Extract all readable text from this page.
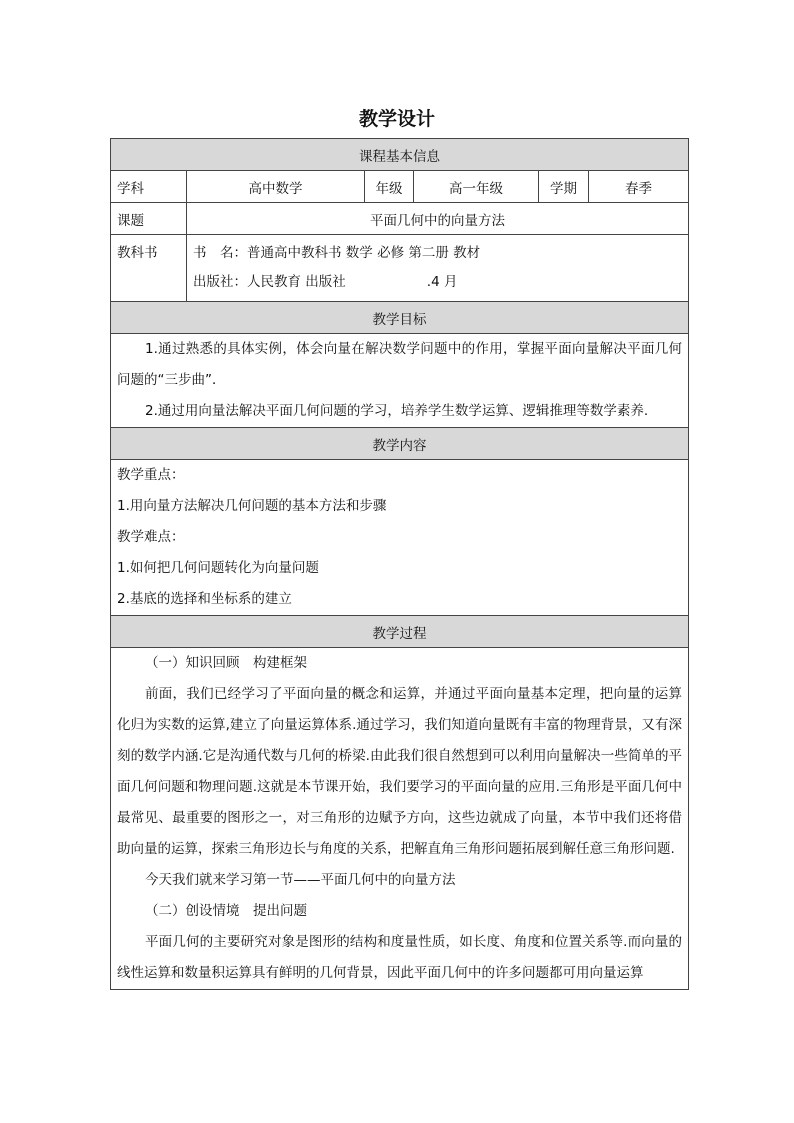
教学设计
课程基本信息					
学科	高中数学	年级	高一年级	学期	春季
课题	平面几何中的向量方法				

教科书	书　名：普通高中教科书 数学 必修 第二册 教材
出版社：人民教育 出版社　　　　　　.4 月				

教学目标					

1.通过熟悉的具体实例，体会向量在解决数学问题中的作用，掌握平面向量解决平面几何问题的“三步曲”．
2.通过用向量法解决平面几何问题的学习，培养学生数学运算、逻辑推理等数学素养.					

教学内容					

教学重点：
1.用向量方法解决几何问题的基本方法和步骤
教学难点：
1.如何把几何问题转化为向量问题
2.基底的选择和坐标系的建立					

教学过程					

（一）知识回顾　构建框架
前面，我们已经学习了平面向量的概念和运算，并通过平面向量基本定理，把向量的运算化归为实数的运算,建立了向量运算体系.通过学习，我们知道向量既有丰富的物理背景，又有深刻的数学内涵.它是沟通代数与几何的桥梁.由此我们很自然想到可以利用向量解决一些简单的平面几何问题和物理问题.这就是本节课开始，我们要学习的平面向量的应用.三角形是平面几何中最常见、最重要的图形之一，对三角形的边赋予方向，这些边就成了向量，本节中我们还将借助向量的运算，探索三角形边长与角度的关系，把解直角三角形问题拓展到解任意三角形问题.
今天我们就来学习第一节——平面几何中的向量方法
（二）创设情境　提出问题
平面几何的主要研究对象是图形的结构和度量性质，如长度、角度和位置关系等.而向量的线性运算和数量积运算具有鲜明的几何背景，因此平面几何中的许多问题都可用向量运算					
